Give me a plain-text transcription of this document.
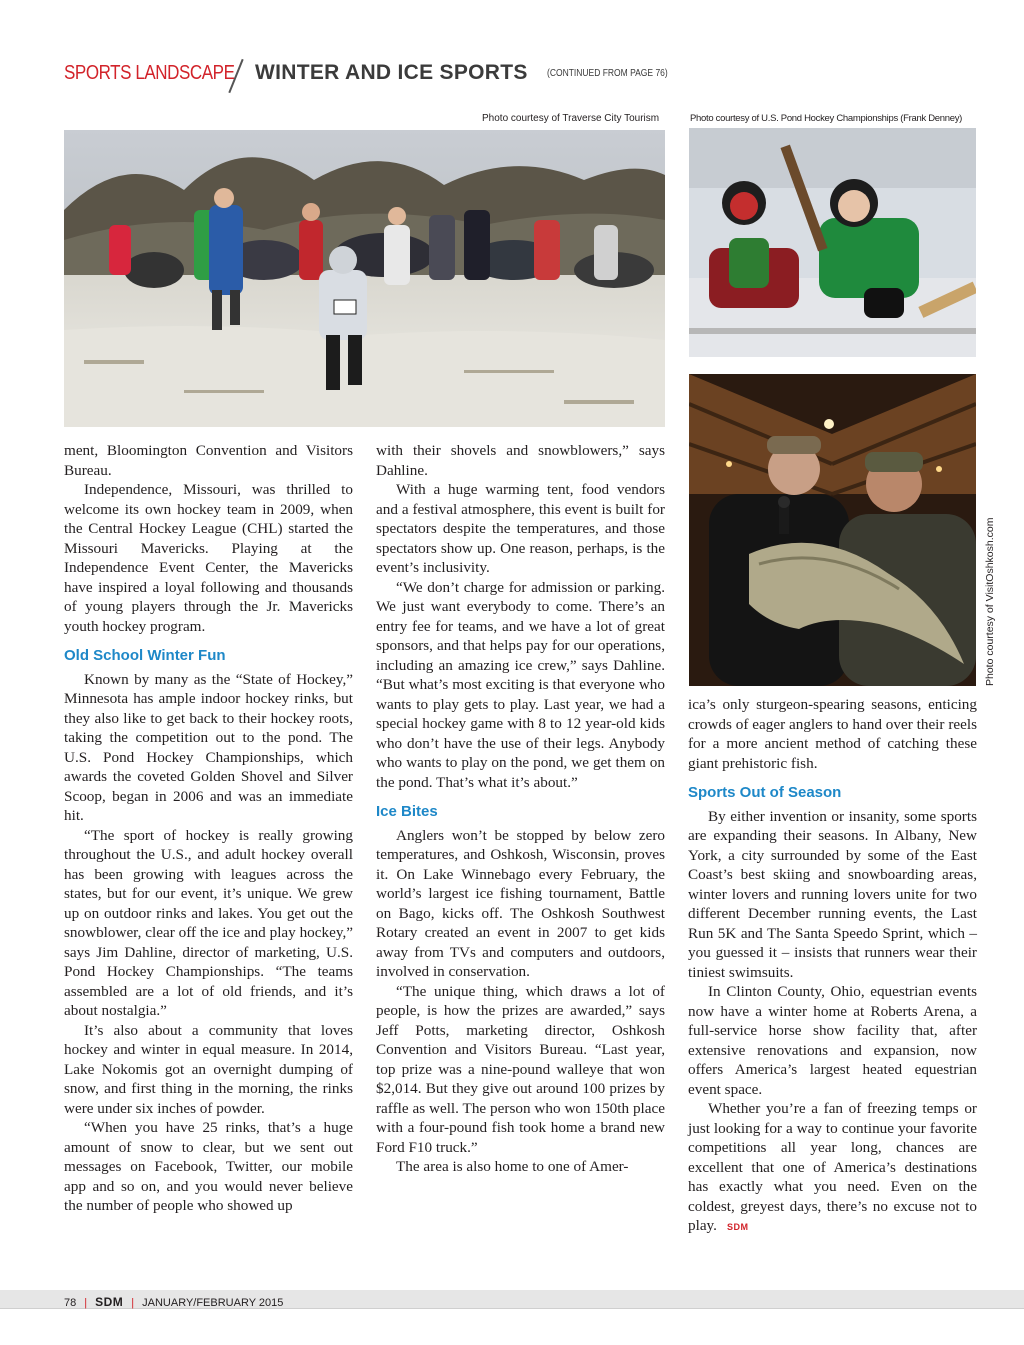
SPORTS LANDSCAPE WINTER AND ICE SPORTS (CONTINUED FROM PAGE 76)
Photo courtesy of Traverse City Tourism	Photo courtesy of U.S. Pond Hockey Championships (Frank Denney)
Photo courtesy of VisitOshkosh.com

ment, Bloomington Convention and Visitors Bureau.

Independence, Missouri, was thrilled to welcome its own hockey team in 2009, when the Central Hockey League (CHL) started the Missouri Mavericks. Playing at the Independence Event Center, the Mavericks have inspired a loyal following and thousands of young players through the Jr. Mavericks youth hockey program.

Old School Winter Fun

Known by many as the “State of Hockey,” Minnesota has ample indoor hockey rinks, but they also like to get back to their hockey roots, taking the competition out to the pond. The U.S. Pond Hockey Championships, which awards the coveted Golden Shovel and Silver Scoop, began in 2006 and was an immediate hit.

“The sport of hockey is really growing throughout the U.S., and adult hockey overall has been growing with leagues across the states, but for our event, it’s unique. We grew up on outdoor rinks and lakes. You get out the snowblower, clear off the ice and play hockey,” says Jim Dahline, director of marketing, U.S. Pond Hockey Championships. “The teams assembled are a lot of old friends, and it’s about nostalgia.”

It’s also about a community that loves hockey and winter in equal measure. In 2014, Lake Nokomis got an overnight dumping of snow, and first thing in the morning, the rinks were under six inches of powder.

“When you have 25 rinks, that’s a huge amount of snow to clear, but we sent out messages on Facebook, Twitter, our mobile app and so on, and you would never believe the number of people who showed up

with their shovels and snowblowers,” says Dahline.

With a huge warming tent, food vendors and a festival atmosphere, this event is built for spectators despite the temperatures, and those spectators show up. One reason, perhaps, is the event’s inclusivity.

“We don’t charge for admission or parking. We just want everybody to come. There’s an entry fee for teams, and we have a lot of great sponsors, and that helps pay for our operations, including an amazing ice crew,” says Dahline. “But what’s most exciting is that everyone who wants to play gets to play. Last year, we had a special hockey game with 8 to 12 year-old kids who don’t have the use of their legs. Anybody who wants to play on the pond, we get them on the pond. That’s what it’s about.”

Ice Bites

Anglers won’t be stopped by below zero temperatures, and Oshkosh, Wisconsin, proves it. On Lake Winnebago every February, the world’s largest ice fishing tournament, Battle on Bago, kicks off. The Oshkosh Southwest Rotary created an event in 2007 to get kids away from TVs and computers and outdoors, involved in conservation.

“The unique thing, which draws a lot of people, is how the prizes are awarded,” says Jeff Potts, marketing director, Oshkosh Convention and Visitors Bureau. “Last year, top prize was a nine-pound walleye that won $2,014. But they give out around 100 prizes by raffle as well. The person who won 150th place with a four-pound fish took home a brand new Ford F10 truck.”

The area is also home to one of Amer-

ica’s only sturgeon-spearing seasons, enticing crowds of eager anglers to hand over their reels for a more ancient method of catching these giant prehistoric fish.

Sports Out of Season

By either invention or insanity, some sports are expanding their seasons. In Albany, New York, a city surrounded by some of the East Coast’s best skiing and snowboarding areas, winter lovers and running lovers unite for two different December running events, the Last Run 5K and The Santa Speedo Sprint, which – you guessed it – insists that runners wear their tiniest swimsuits.

In Clinton County, Ohio, equestrian events now have a winter home at Roberts Arena, a full-service horse show facility that, after extensive renovations and expansion, now offers America’s largest heated equestrian event space.

Whether you’re a fan of freezing temps or just looking for a way to continue your favorite competitions all year long, chances are excellent that one of America’s destinations has exactly what you need. Even on the coldest, greyest days, there’s no excuse not to play. SDM

78 | SDM | JANUARY/FEBRUARY 2015
